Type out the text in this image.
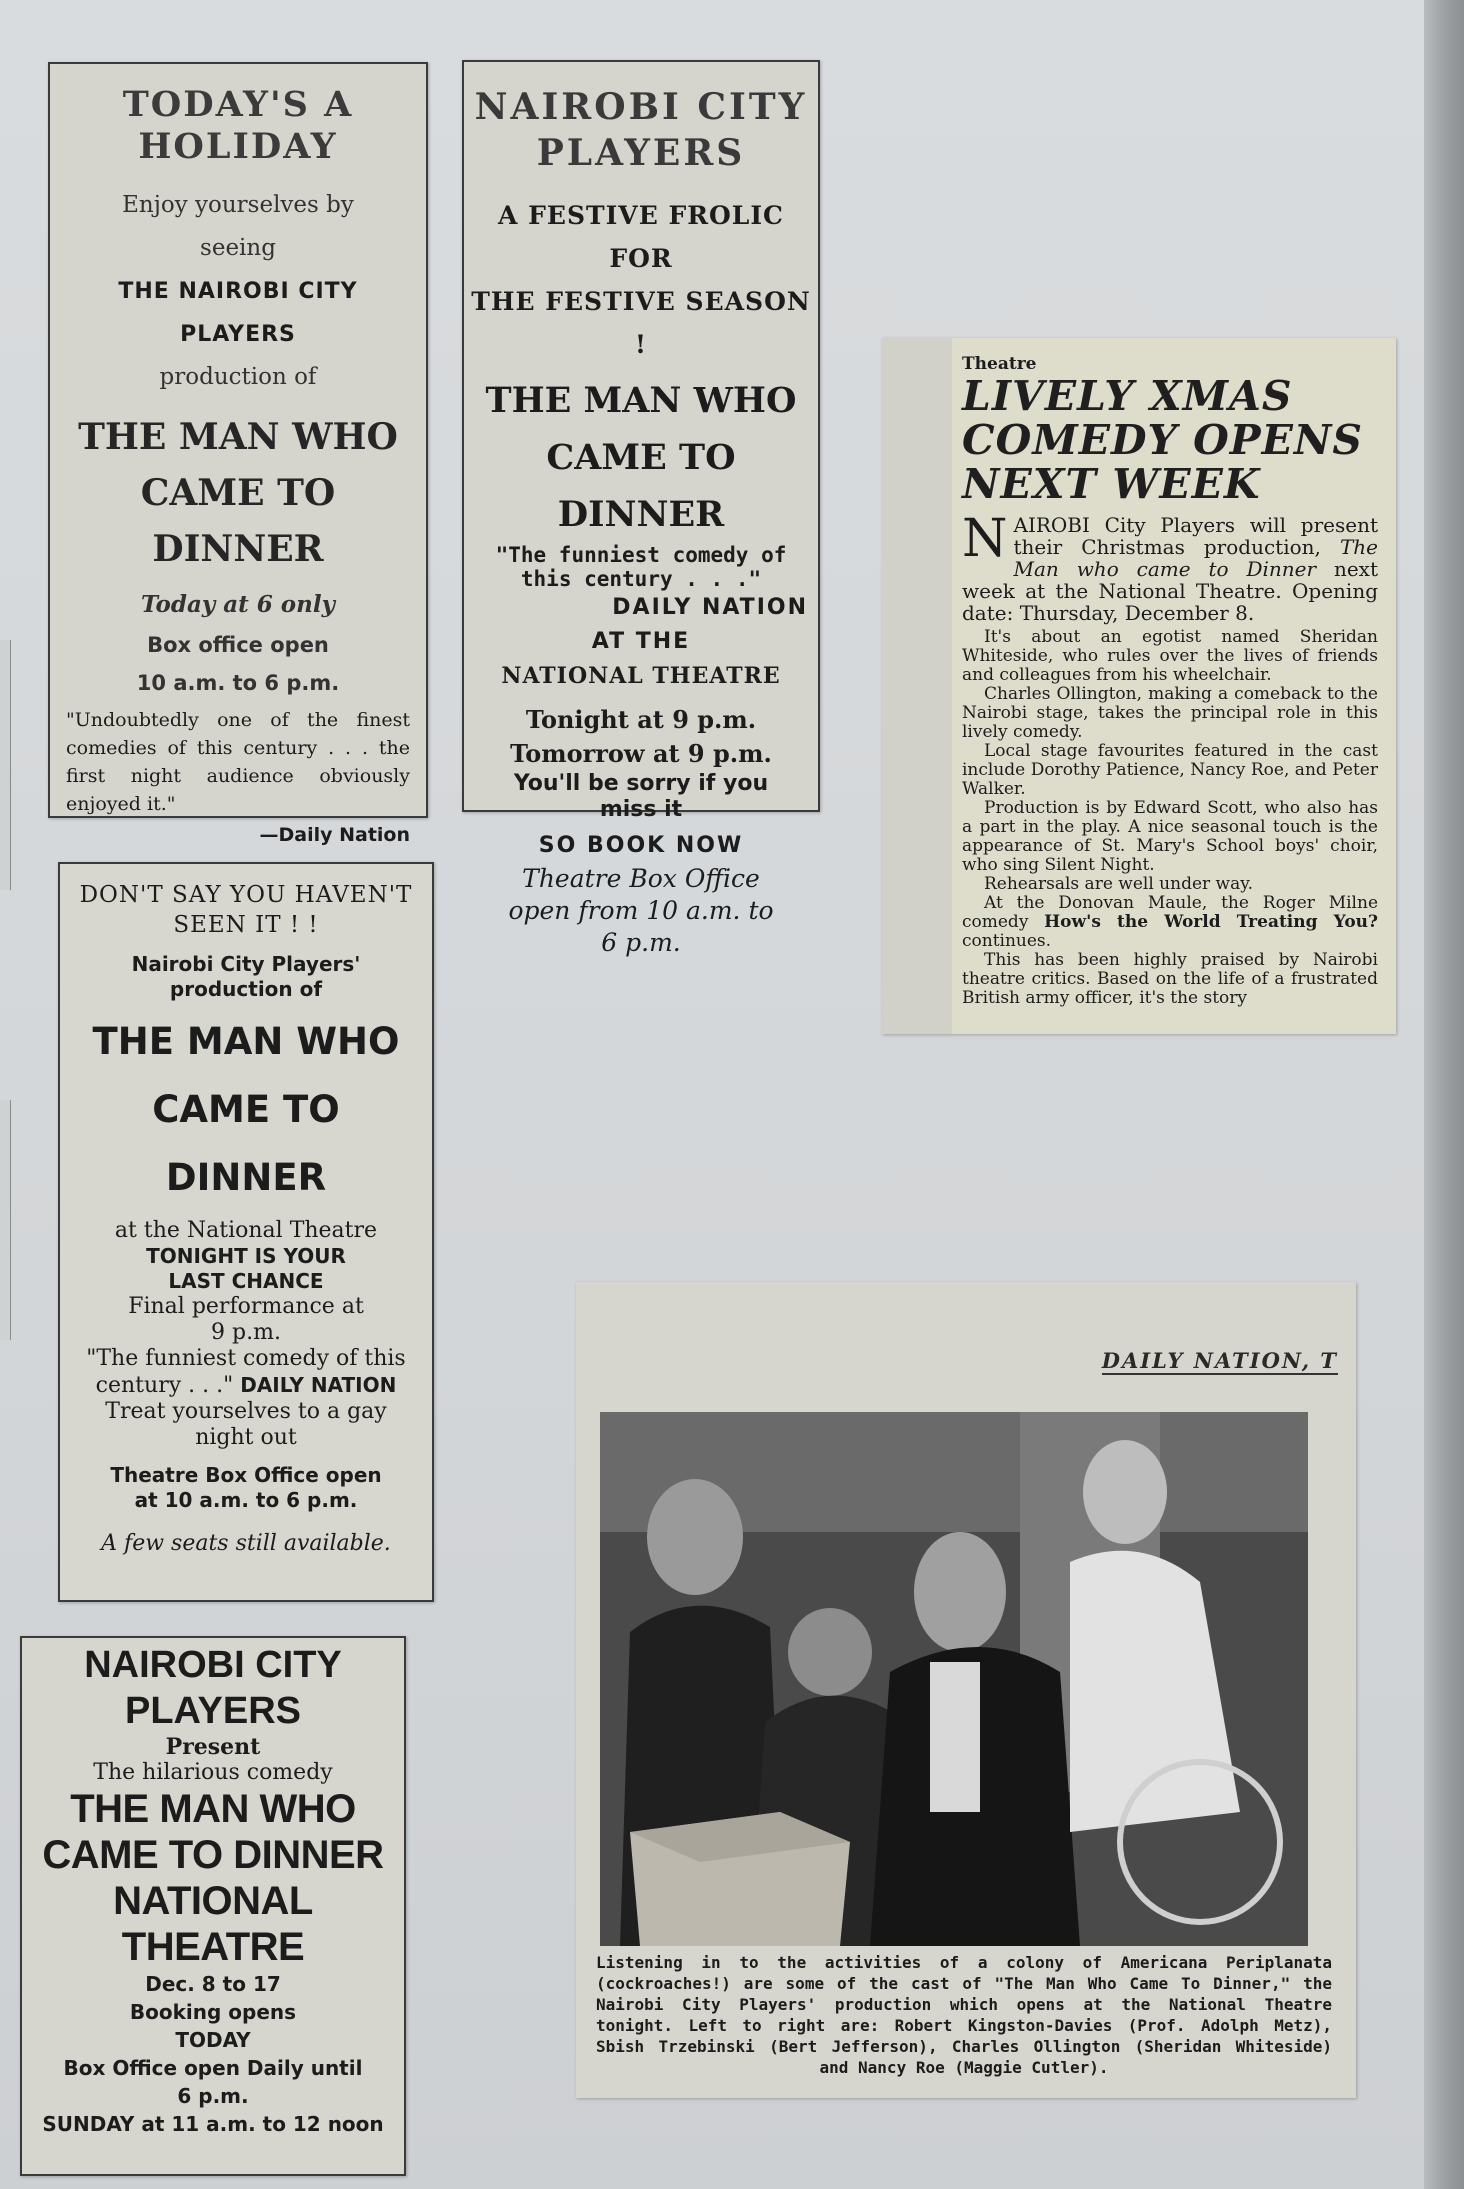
TODAY'S A
HOLIDAY
Enjoy yourselves by
seeing
THE NAIROBI CITY
PLAYERS
production of
THE MAN WHO
CAME TO DINNER
Today at 6 only
Box office open
10 a.m. to 6 p.m.
"Undoubtedly one of the finest comedies of this century . . . the first night audience obviously enjoyed it."
—Daily Nation
NAIROBI CITY
PLAYERS
A FESTIVE FROLIC FOR
THE FESTIVE SEASON !
THE MAN WHO
CAME TO DINNER
"The funniest comedy of
this century . . ."
DAILY NATION
AT THE
NATIONAL THEATRE
Tonight at 9 p.m.
Tomorrow at 9 p.m.
You'll be sorry if you
miss it
SO BOOK NOW
Theatre Box Office
open from 10 a.m. to
6 p.m.
Theatre
LIVELY XMAS
COMEDY OPENS
NEXT WEEK
NAIROBI City Players will present their Christmas production, The Man who came to Dinner next week at the National Theatre. Opening date: Thursday, December 8.

It's about an egotist named Sheridan Whiteside, who rules over the lives of friends and colleagues from his wheelchair.

Charles Ollington, making a comeback to the Nairobi stage, takes the principal role in this lively comedy.

Local stage favourites featured in the cast include Dorothy Patience, Nancy Roe, and Peter Walker.

Production is by Edward Scott, who also has a part in the play. A nice seasonal touch is the appearance of St. Mary's School boys' choir, who sing Silent Night.

Rehearsals are well under way.

At the Donovan Maule, the Roger Milne comedy How's the World Treating You? continues.

This has been highly praised by Nairobi theatre critics. Based on the life of a frustrated British army officer, it's the story

DON'T SAY YOU HAVEN'T
SEEN IT ! !
Nairobi City Players'
production of
THE MAN WHO
CAME TO
DINNER
at the National Theatre
TONIGHT IS YOUR
LAST CHANCE
Final performance at
9 p.m.
"The funniest comedy of this
century . . ." DAILY NATION
Treat yourselves to a gay
night out
Theatre Box Office open
at 10 a.m. to 6 p.m.
A few seats still available.
NAIROBI CITY
PLAYERS
Present
The hilarious comedy
THE MAN WHO
CAME TO DINNER
NATIONAL
THEATRE
Dec. 8 to 17
Booking opens
TODAY
Box Office open Daily until
6 p.m.
SUNDAY at 11 a.m. to 12 noon
DAILY NATION, T
Listening in to the activities of a colony of Americana Periplanata (cockroaches!) are some of the cast of "The Man Who Came To Dinner," the Nairobi City Players' production which opens at the National Theatre tonight. Left to right are: Robert Kingston-Davies (Prof. Adolph Metz), Sbish Trzebinski (Bert Jefferson), Charles Ollington (Sheridan Whiteside) and Nancy Roe (Maggie Cutler).
